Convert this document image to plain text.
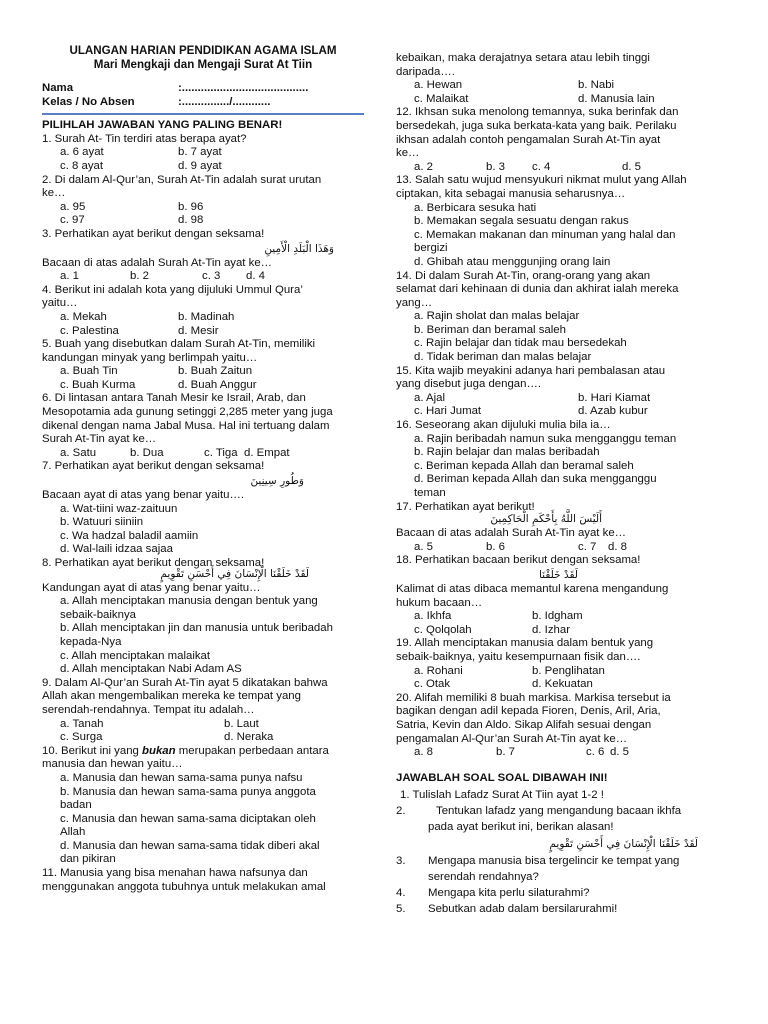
ULANGAN HARIAN PENDIDIKAN AGAMA ISLAM
Mari Mengkaji dan Mengaji Surat At Tiin
Nama	:........................................
Kelas / No Absen	:.............../............
PILIHLAH JAWABAN YANG PALING BENAR!
1. Surah At- Tin terdiri atas berapa ayat?
a. 6 ayat	b. 7 ayat
c. 8 ayat	d. 9 ayat
2. Di dalam Al-Qur’an, Surah At-Tin adalah surat urutan
ke…
a. 95	b. 96
c. 97	d. 98
3. Perhatikan ayat berikut dengan seksama!
وَهَذَا الْبَلَدِ الْأَمِينِ
Bacaan di atas adalah Surah At-Tin ayat ke…
a. 1	b. 2	c. 3 d. 4
4. Berikut ini adalah kota yang dijuluki Ummul Qura’
yaitu…
a. Mekah	b. Madinah
c. Palestina	d. Mesir
5. Buah yang disebutkan dalam Surah At-Tin, memiliki
kandungan minyak yang berlimpah yaitu…
a. Buah Tin	b. Buah Zaitun
c. Buah Kurma	d. Buah Anggur
6. Di lintasan antara Tanah Mesir ke Israil, Arab, dan
Mesopotamia ada gunung setinggi 2,285 meter yang juga
dikenal dengan nama Jabal Musa. Hal ini tertuang dalam
Surah At-Tin ayat ke…
a. Satu	b. Dua	c. Tiga d. Empat
7. Perhatikan ayat berikut dengan seksama!
وَطُورِ سِينِينَ
Bacaan ayat di atas yang benar yaitu….
a. Wat-tiini waz-zaituun
b. Watuuri siiniin
c. Wa hadzal baladil aamiin
d. Wal-laili idzaa sajaa
8. Perhatikan ayat berikut dengan seksama!
لَقَدْ خَلَقْنَا الْإِنْسَانَ فِي أَحْسَنِ تَقْوِيمٍ
Kandungan ayat di atas yang benar yaitu…
a. Allah menciptakan manusia dengan bentuk yang
sebaik-baiknya
b. Allah menciptakan jin dan manusia untuk beribadah
kepada-Nya
c. Allah menciptakan malaikat
d. Allah menciptakan Nabi Adam AS
9. Dalam Al-Qur’an Surah At-Tin ayat 5 dikatakan bahwa
Allah akan mengembalikan mereka ke tempat yang
serendah-rendahnya. Tempat itu adalah…
a. Tanah	b. Laut
c. Surga	d. Neraka
10. Berikut ini yang bukan merupakan perbedaan antara
manusia dan hewan yaitu…
a. Manusia dan hewan sama-sama punya nafsu
b. Manusia dan hewan sama-sama punya anggota
badan
c. Manusia dan hewan sama-sama diciptakan oleh
Allah
d. Manusia dan hewan sama-sama tidak diberi akal
dan pikiran
11. Manusia yang bisa menahan hawa nafsunya dan
menggunakan anggota tubuhnya untuk melakukan amal
kebaikan, maka derajatnya setara atau lebih tinggi
daripada….
a. Hewan	b. Nabi
c. Malaikat	d. Manusia lain
12. Ikhsan suka menolong temannya, suka berinfak dan
bersedekah, juga suka berkata-kata yang baik. Perilaku
ikhsan adalah contoh pengamalan Surah At-Tin ayat
ke…
a. 2	b. 3 c. 4	d. 5
13. Salah satu wujud mensyukuri nikmat mulut yang Allah
ciptakan, kita sebagai manusia seharusnya…
a. Berbicara sesuka hati
b. Memakan segala sesuatu dengan rakus
c. Memakan makanan dan minuman yang halal dan
bergizi
d. Ghibah atau menggunjing orang lain
14. Di dalam Surah At-Tin, orang-orang yang akan
selamat dari kehinaan di dunia dan akhirat ialah mereka
yang…
a. Rajin sholat dan malas belajar
b. Beriman dan beramal saleh
c. Rajin belajar dan tidak mau bersedekah
d. Tidak beriman dan malas belajar
15. Kita wajib meyakini adanya hari pembalasan atau
yang disebut juga dengan….
a. Ajal	b. Hari Kiamat
c. Hari Jumat	d. Azab kubur
16. Seseorang akan dijuluki mulia bila ia…
a. Rajin beribadah namun suka mengganggu teman
b. Rajin belajar dan malas beribadah
c. Beriman kepada Allah dan beramal saleh
d. Beriman kepada Allah dan suka mengganggu
teman
17. Perhatikan ayat berikut!
أَلَيْسَ اللَّهُ بِأَحْكَمِ الْحَاكِمِينَ
Bacaan di atas adalah Surah At-Tin ayat ke…
a. 5	b. 6	c. 7 d. 8
18. Perhatikan bacaan berikut dengan seksama!
لَقَدْ خَلَقْنَا
Kalimat di atas dibaca memantul karena mengandung
hukum bacaan…
a. Ikhfa	b. Idgham
c. Qolqolah	d. Izhar
19. Allah menciptakan manusia dalam bentuk yang
sebaik-baiknya, yaitu kesempurnaan fisik dan….
a. Rohani	b. Penglihatan
c. Otak	d. Kekuatan
20. Alifah memiliki 8 buah markisa. Markisa tersebut ia
bagikan dengan adil kepada Fioren, Denis, Aril, Aria,
Satria, Kevin dan Aldo. Sikap Alifah sesuai dengan
pengamalan Al-Qur’an Surah At-Tin ayat ke…
a. 8	b. 7	c. 6 d. 5
JAWABLAH SOAL SOAL DIBAWAH INI!
1. Tulislah Lafadz Surat At Tiin ayat 1-2 !
2.	Tentukan lafadz yang mengandung bacaan ikhfa
pada ayat berikut ini, berikan alasan!
لَقَدْ خَلَقْنَا الْإِنْسَانَ فِي أَحْسَنِ تَقْوِيمٍ
3. Mengapa manusia bisa tergelincir ke tempat yang
serendah rendahnya?
4. Mengapa kita perlu silaturahmi?
5. Sebutkan adab dalam bersilarurahmi!
